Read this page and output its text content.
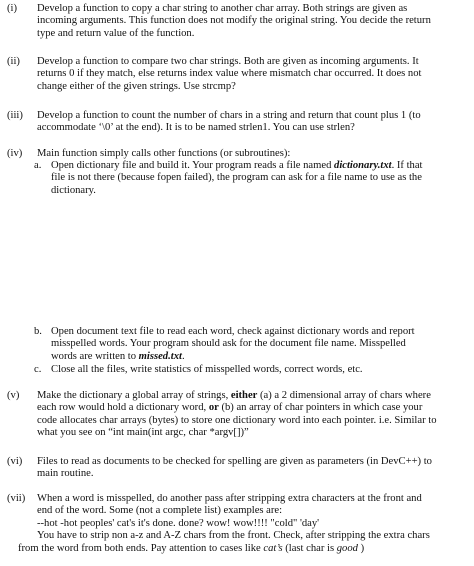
(i) Develop a function to copy a char string to another char array. Both strings are given as
incoming arguments. This function does not modify the original string. You decide the return
type and return value of the function.
(ii) Develop a function to compare two char strings. Both are given as incoming arguments. It
returns 0 if they match, else returns index value where mismatch char occurred. It does not
change either of the given strings. Use strcmp?
(iii) Develop a function to count the number of chars in a string and return that count plus 1 (to
accommodate ‘\0’ at the end). It is to be named strlen1. You can use strlen?
(iv) Main function simply calls other functions (or subroutines):
a. Open dictionary file and build it. Your program reads a file named dictionary.txt. If that
file is not there (because fopen failed), the program can ask for a file name to use as the
dictionary.
b. Open document text file to read each word, check against dictionary words and report
misspelled words. Your program should ask for the document file name. Misspelled
words are written to missed.txt.
c. Close all the files, write statistics of misspelled words, correct words, etc.
(v) Make the dictionary a global array of strings, either (a) a 2 dimensional array of chars where
each row would hold a dictionary word, or (b) an array of char pointers in which case your
code allocates char arrays (bytes) to store one dictionary word into each pointer. i.e. Similar to
what you see on “int main(int argc, char *argv[])”
(vi) Files to read as documents to be checked for spelling are given as parameters (in DevC++) to
main routine.
(vii) When a word is misspelled, do another pass after stripping extra characters at the front and
end of the word. Some (not a complete list) examples are:
--hot -hot peoples' cat's it's done. done? wow! wow!!!! "cold" 'day'
You have to strip non a-z and A-Z chars from the front. Check, after stripping the extra chars
from the word from both ends. Pay attention to cases like cat’s (last char is good )
